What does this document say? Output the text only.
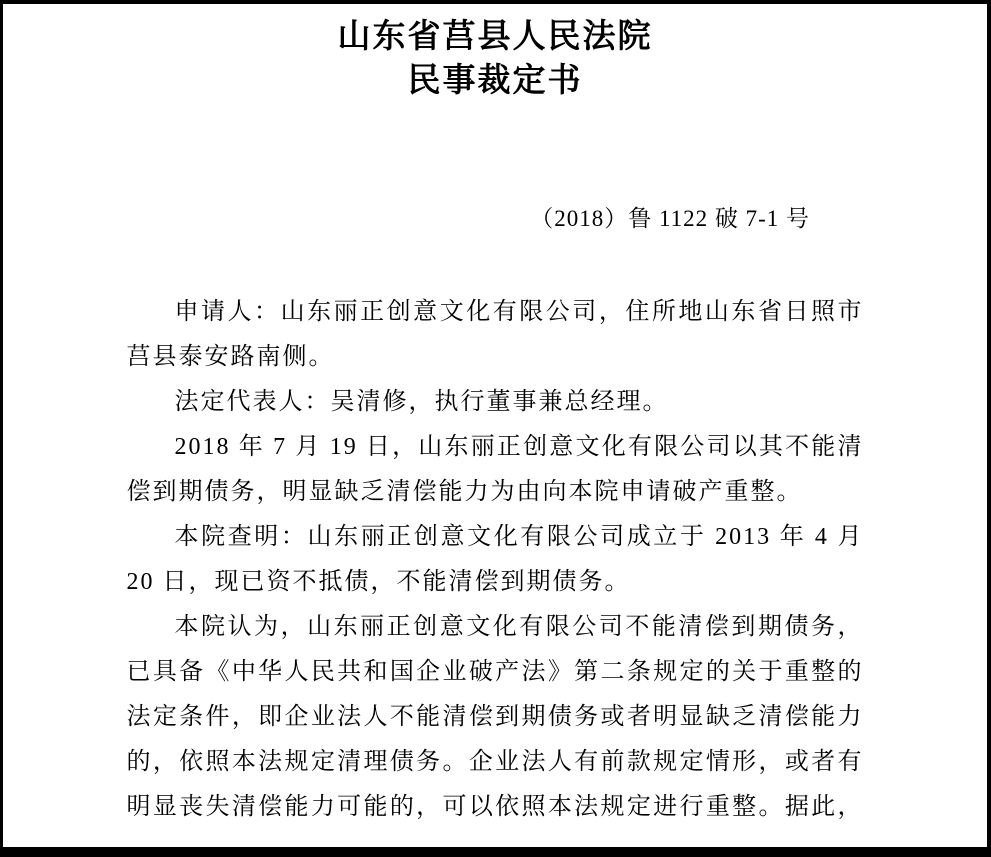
山东省莒县人民法院
民事裁定书
（2018）鲁 1122 破 7-1 号
申请人：山东丽正创意文化有限公司，住所地山东省日照市
莒县泰安路南侧。
法定代表人：吴清修，执行董事兼总经理。
2018 年 7 月 19 日，山东丽正创意文化有限公司以其不能清
偿到期债务，明显缺乏清偿能力为由向本院申请破产重整。
本院查明：山东丽正创意文化有限公司成立于 2013 年 4 月
20 日，现已资不抵债，不能清偿到期债务。
本院认为，山东丽正创意文化有限公司不能清偿到期债务，
已具备《中华人民共和国企业破产法》第二条规定的关于重整的
法定条件，即企业法人不能清偿到期债务或者明显缺乏清偿能力
的，依照本法规定清理债务。企业法人有前款规定情形，或者有
明显丧失清偿能力可能的，可以依照本法规定进行重整。据此，
